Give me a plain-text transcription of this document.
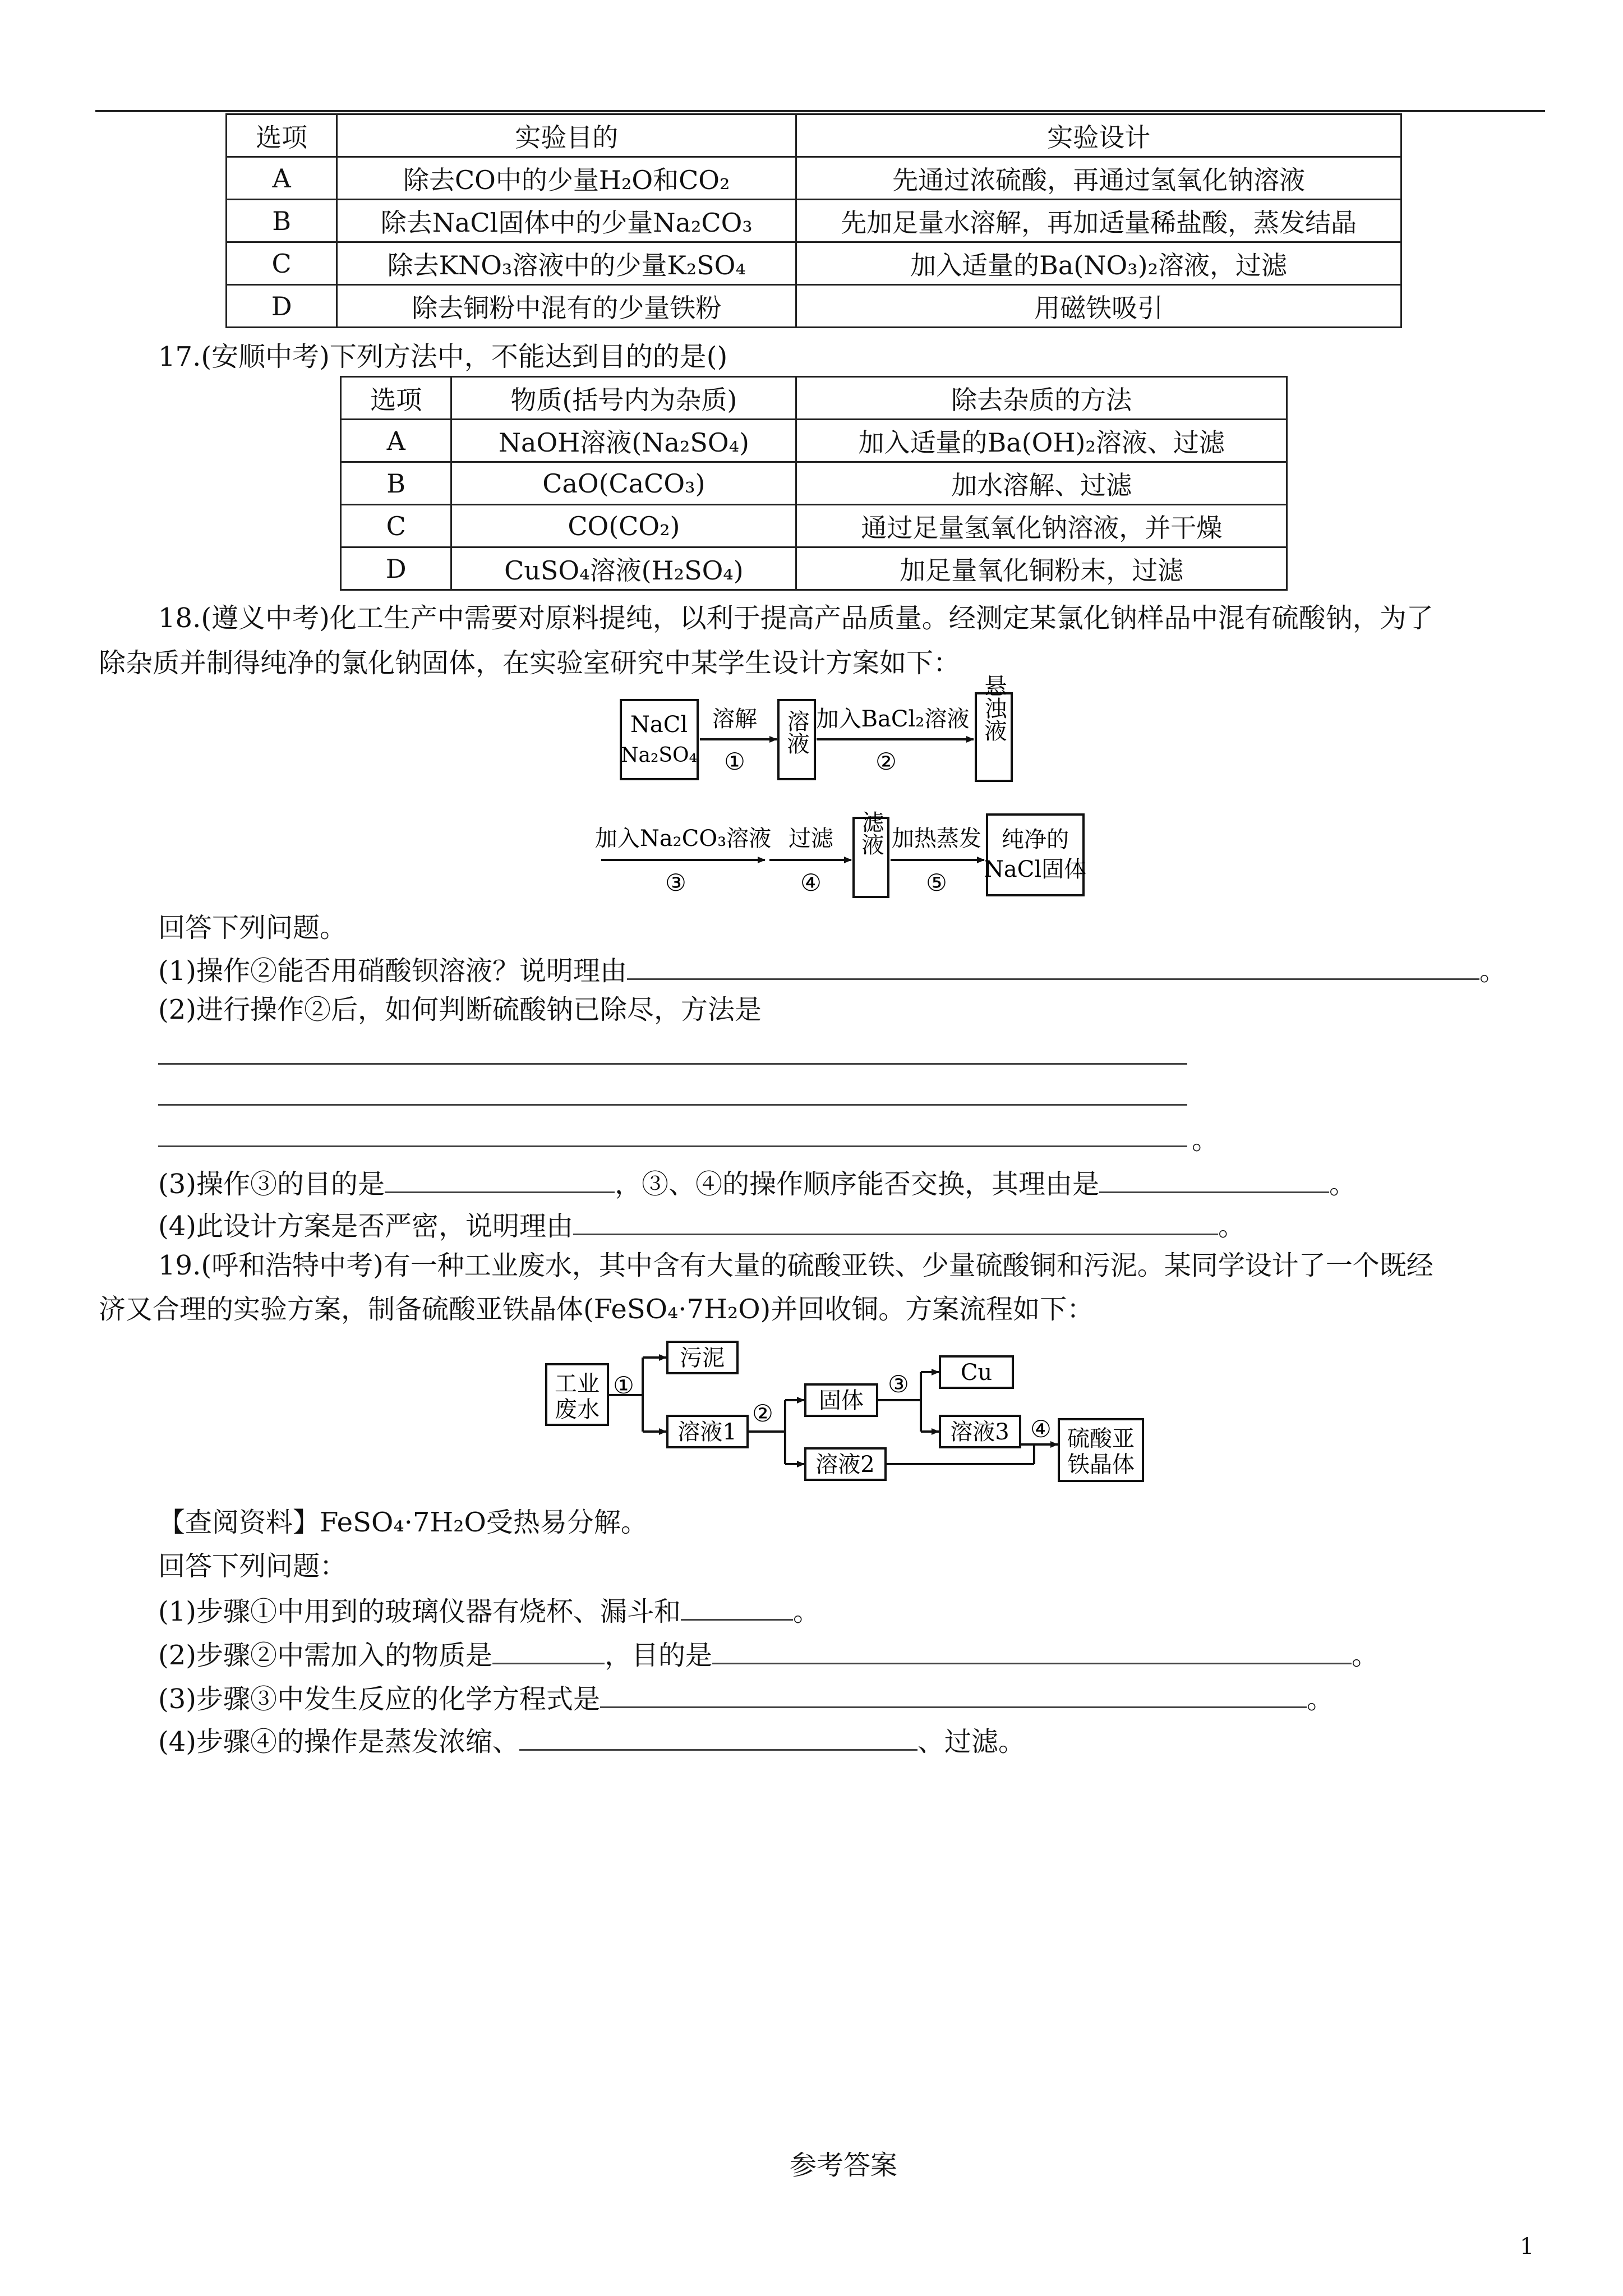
选项	实验目的	实验设计
A	除去CO中的少量H₂O和CO₂	先通过浓硫酸，再通过氢氧化钠溶液
B	除去NaCl固体中的少量Na₂CO₃	先加足量水溶解，再加适量稀盐酸，蒸发结晶
C	除去KNO₃溶液中的少量K₂SO₄	加入适量的Ba(NO₃)₂溶液，过滤
D	除去铜粉中混有的少量铁粉	用磁铁吸引
17.(安顺中考)下列方法中，不能达到目的的是()
选项	物质(括号内为杂质)	除去杂质的方法
A	NaOH溶液(Na₂SO₄)	加入适量的Ba(OH)₂溶液、过滤
B	CaO(CaCO₃)	加水溶解、过滤
C	CO(CO₂)	通过足量氢氧化钠溶液，并干燥
D	CuSO₄溶液(H₂SO₄)	加足量氧化铜粉末，过滤
18.(遵义中考)化工生产中需要对原料提纯，以利于提高产品质量。经测定某氯化钠样品中混有硫酸钠，为了
除杂质并制得纯净的氯化钠固体，在实验室研究中某学生设计方案如下：
NaCl
Na₂SO₄
溶解
①
溶液 加入BaCl₂溶液
②
悬浊液
加入Na₂CO₃溶液
③
过滤
④
滤液 加热蒸发
⑤
纯净的
NaCl固体
回答下列问题。
(1)操作②能否用硝酸钡溶液？说明理由	。
(2)进行操作②后，如何判断硫酸钠已除尽，方法是
。
(3)操作③的目的是	，③、④的操作顺序能否交换，其理由是	。
(4)此设计方案是否严密，说明理由	。
19.(呼和浩特中考)有一种工业废水，其中含有大量的硫酸亚铁、少量硫酸铜和污泥。某同学设计了一个既经
济又合理的实验方案，制备硫酸亚铁晶体(FeSO₄·7H₂O)并回收铜。方案流程如下：
工业
废水
①
污泥
溶液1
② 固体
溶液2
③ Cu
溶液3 ④ 硫酸亚
铁晶体
【查阅资料】FeSO₄·7H₂O受热易分解。
回答下列问题：
(1)步骤①中用到的玻璃仪器有烧杯、漏斗和	。
(2)步骤②中需加入的物质是	，目的是	。
(3)步骤③中发生反应的化学方程式是	。
(4)步骤④的操作是蒸发浓缩、	、过滤。
参考答案
1
